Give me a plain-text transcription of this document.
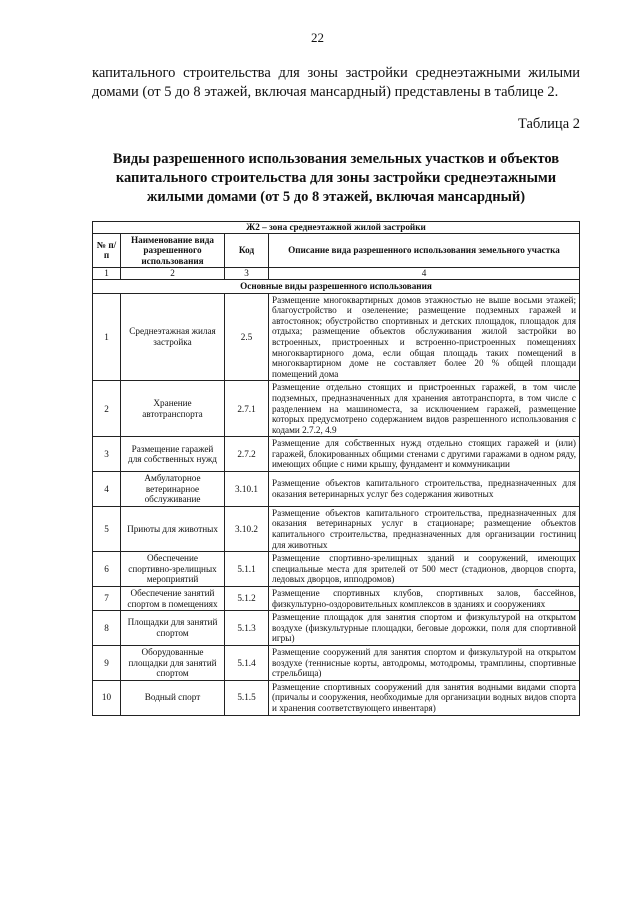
22

капитального строительства для зоны застройки среднеэтажными жилыми домами (от 5 до 8 этажей, включая мансардный) представлены в таблице 2.

Таблица 2
Виды разрешенного использования земельных участков и объектов капитального строительства для зоны застройки среднеэтажными жилыми домами (от 5 до 8 этажей, включая мансардный)
Ж2 – зона среднеэтажной жилой застройки			
№ п/п	Наименование вида разрешенного использования	Код	Описание вида разрешенного использования земельного участка
1	2	3	4
Основные виды разрешенного использования			
1	Среднеэтажная жилая застройка	2.5	Размещение многоквартирных домов этажностью не выше восьми этажей; благоустройство и озеленение; размещение подземных гаражей и автостоянок; обустройство спортивных и детских площадок, площадок для отдыха; размещение объектов обслуживания жилой застройки во встроенных, пристроенных и встроенно-пристроенных помещениях многоквартирного дома, если общая площадь таких помещений в многоквартирном доме не составляет более 20 % общей площади помещений дома
2	Хранение автотранспорта	2.7.1	Размещение отдельно стоящих и пристроенных гаражей, в том числе подземных, предназначенных для хранения автотранспорта, в том числе с разделением на машиноместа, за исключением гаражей, размещение которых предусмотрено содержанием видов разрешенного использования с кодами 2.7.2, 4.9
3	Размещение гаражей для собственных нужд	2.7.2	Размещение для собственных нужд отдельно стоящих гаражей и (или) гаражей, блокированных общими стенами с другими гаражами в одном ряду, имеющих общие с ними крышу, фундамент и коммуникации
4	Амбулаторное ветеринарное обслуживание	3.10.1	Размещение объектов капитального строительства, предназначенных для оказания ветеринарных услуг без содержания животных
5	Приюты для животных	3.10.2	Размещение объектов капитального строительства, предназначенных для оказания ветеринарных услуг в стационаре; размещение объектов капитального строительства, предназначенных для организации гостиниц для животных
6	Обеспечение спортивно-зрелищных мероприятий	5.1.1	Размещение спортивно-зрелищных зданий и сооружений, имеющих специальные места для зрителей от 500 мест (стадионов, дворцов спорта, ледовых дворцов, ипподромов)
7	Обеспечение занятий спортом в помещениях	5.1.2	Размещение спортивных клубов, спортивных залов, бассейнов, физкультурно-оздоровительных комплексов в зданиях и сооружениях
8	Площадки для занятий спортом	5.1.3	Размещение площадок для занятия спортом и физкультурой на открытом воздухе (физкультурные площадки, беговые дорожки, поля для спортивной игры)
9	Оборудованные площадки для занятий спортом	5.1.4	Размещение сооружений для занятия спортом и физкультурой на открытом воздухе (теннисные корты, автодромы, мотодромы, трамплины, спортивные стрельбища)
10	Водный спорт	5.1.5	Размещение спортивных сооружений для занятия водными видами спорта (причалы и сооружения, необходимые для организации водных видов спорта и хранения соответствующего инвентаря)
